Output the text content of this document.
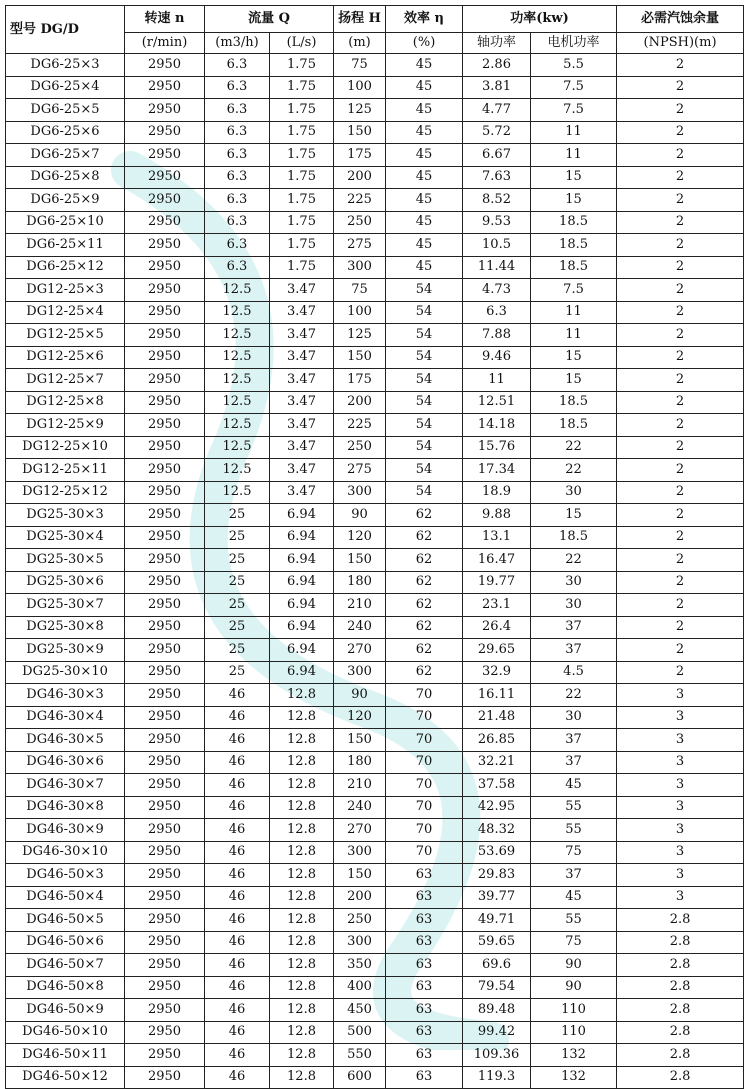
型号 DG/D	转速 n	流量 Q		扬程 H	效率 η	功率(kw)		必需汽蚀余量
	(r/min)	(m3/h)	(L/s)	(m)	(%)	轴功率	电机功率	(NPSH)(m)
DG6-25×3	2950	6.3	1.75	75	45	2.86	5.5	2
DG6-25×4	2950	6.3	1.75	100	45	3.81	7.5	2
DG6-25×5	2950	6.3	1.75	125	45	4.77	7.5	2
DG6-25×6	2950	6.3	1.75	150	45	5.72	11	2
DG6-25×7	2950	6.3	1.75	175	45	6.67	11	2
DG6-25×8	2950	6.3	1.75	200	45	7.63	15	2
DG6-25×9	2950	6.3	1.75	225	45	8.52	15	2
DG6-25×10	2950	6.3	1.75	250	45	9.53	18.5	2
DG6-25×11	2950	6.3	1.75	275	45	10.5	18.5	2
DG6-25×12	2950	6.3	1.75	300	45	11.44	18.5	2
DG12-25×3	2950	12.5	3.47	75	54	4.73	7.5	2
DG12-25×4	2950	12.5	3.47	100	54	6.3	11	2
DG12-25×5	2950	12.5	3.47	125	54	7.88	11	2
DG12-25×6	2950	12.5	3.47	150	54	9.46	15	2
DG12-25×7	2950	12.5	3.47	175	54	11	15	2
DG12-25×8	2950	12.5	3.47	200	54	12.51	18.5	2
DG12-25×9	2950	12.5	3.47	225	54	14.18	18.5	2
DG12-25×10	2950	12.5	3.47	250	54	15.76	22	2
DG12-25×11	2950	12.5	3.47	275	54	17.34	22	2
DG12-25×12	2950	12.5	3.47	300	54	18.9	30	2
DG25-30×3	2950	25	6.94	90	62	9.88	15	2
DG25-30×4	2950	25	6.94	120	62	13.1	18.5	2
DG25-30×5	2950	25	6.94	150	62	16.47	22	2
DG25-30×6	2950	25	6.94	180	62	19.77	30	2
DG25-30×7	2950	25	6.94	210	62	23.1	30	2
DG25-30×8	2950	25	6.94	240	62	26.4	37	2
DG25-30×9	2950	25	6.94	270	62	29.65	37	2
DG25-30×10	2950	25	6.94	300	62	32.9	4.5	2
DG46-30×3	2950	46	12.8	90	70	16.11	22	3
DG46-30×4	2950	46	12.8	120	70	21.48	30	3
DG46-30×5	2950	46	12.8	150	70	26.85	37	3
DG46-30×6	2950	46	12.8	180	70	32.21	37	3
DG46-30×7	2950	46	12.8	210	70	37.58	45	3
DG46-30×8	2950	46	12.8	240	70	42.95	55	3
DG46-30×9	2950	46	12.8	270	70	48.32	55	3
DG46-30×10	2950	46	12.8	300	70	53.69	75	3
DG46-50×3	2950	46	12.8	150	63	29.83	37	3
DG46-50×4	2950	46	12.8	200	63	39.77	45	3
DG46-50×5	2950	46	12.8	250	63	49.71	55	2.8
DG46-50×6	2950	46	12.8	300	63	59.65	75	2.8
DG46-50×7	2950	46	12.8	350	63	69.6	90	2.8
DG46-50×8	2950	46	12.8	400	63	79.54	90	2.8
DG46-50×9	2950	46	12.8	450	63	89.48	110	2.8
DG46-50×10	2950	46	12.8	500	63	99.42	110	2.8
DG46-50×11	2950	46	12.8	550	63	109.36	132	2.8
DG46-50×12	2950	46	12.8	600	63	119.3	132	2.8
